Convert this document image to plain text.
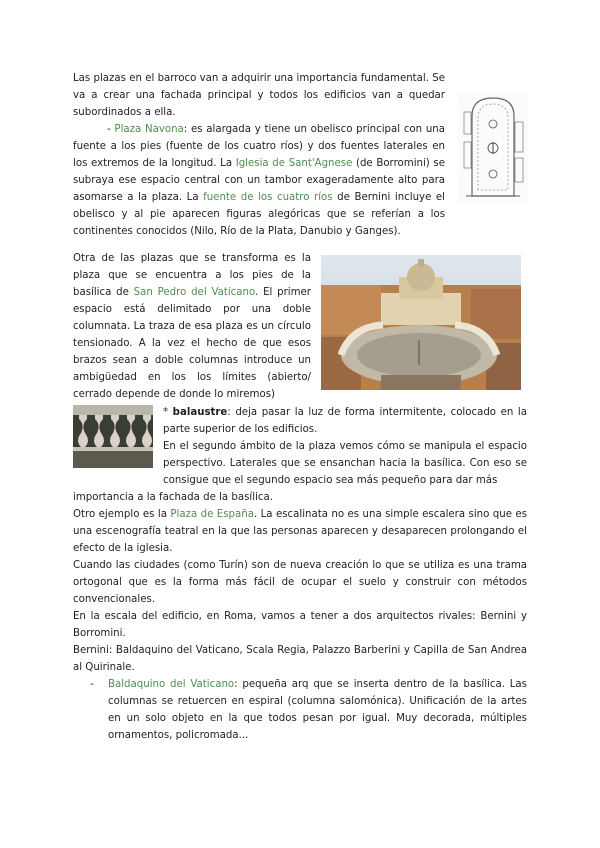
Las plazas en el barroco van a adquirir una importancia fundamental. Se va a crear una fachada principal y todos los edificios van a quedar subordinados a ella.

- Plaza Navona: es alargada y tiene un obelisco principal con una fuente a los pies (fuente de los cuatro ríos) y dos fuentes laterales en los extremos de la longitud. La Iglesia de Sant'Agnese (de Borromini) se subraya ese espacio central con un tambor exageradamente alto para asomarse a la plaza. La fuente de los cuatro ríos de Bernini incluye el obelisco y al pie aparecen figuras alegóricas que se referían a los continentes conocidos (Nilo, Río de la Plata, Danubio y Ganges).

Otra de las plazas que se transforma es la plaza que se encuentra a los pies de la basílica de San Pedro del Vaticano. El primer espacio está delimitado por una doble columnata. La traza de esa plaza es un círculo tensionado. A la vez el hecho de que esos brazos sean a doble columnas introduce un ambigüedad en los los límites (abierto/ cerrado depende de donde lo miremos)

* balaustre: deja pasar la luz de forma intermitente, colocado en la parte superior de los edificios.

En el segundo ámbito de la plaza vemos cómo se manipula el espacio perspectivo. Laterales que se ensanchan hacia la basílica. Con eso se consigue que el segundo espacio sea más pequeño para dar más

importancia a la fachada de la basílica.

Otro ejemplo es la Plaza de España. La escalinata no es una simple escalera sino que es una escenografía teatral en la que las personas aparecen y desaparecen prolongando el efecto de la iglesia.

Cuando las ciudades (como Turín) son de nueva creación lo que se utiliza es una trama ortogonal que es la forma más fácil de ocupar el suelo y construir con métodos convencionales.

En la escala del edificio, en Roma, vamos a tener a dos arquitectos rivales: Bernini y Borromini.

Bernini: Baldaquino del Vaticano, Scala Regia, Palazzo Barberini y Capilla de San Andrea al Quirinale.

- Baldaquino del Vaticano: pequeña arq que se inserta dentro de la basílica. Las columnas se retuercen en espiral (columna salomónica). Unificación de la artes en un solo objeto en la que todos pesan por igual. Muy decorada, múltiples ornamentos, policromada...
